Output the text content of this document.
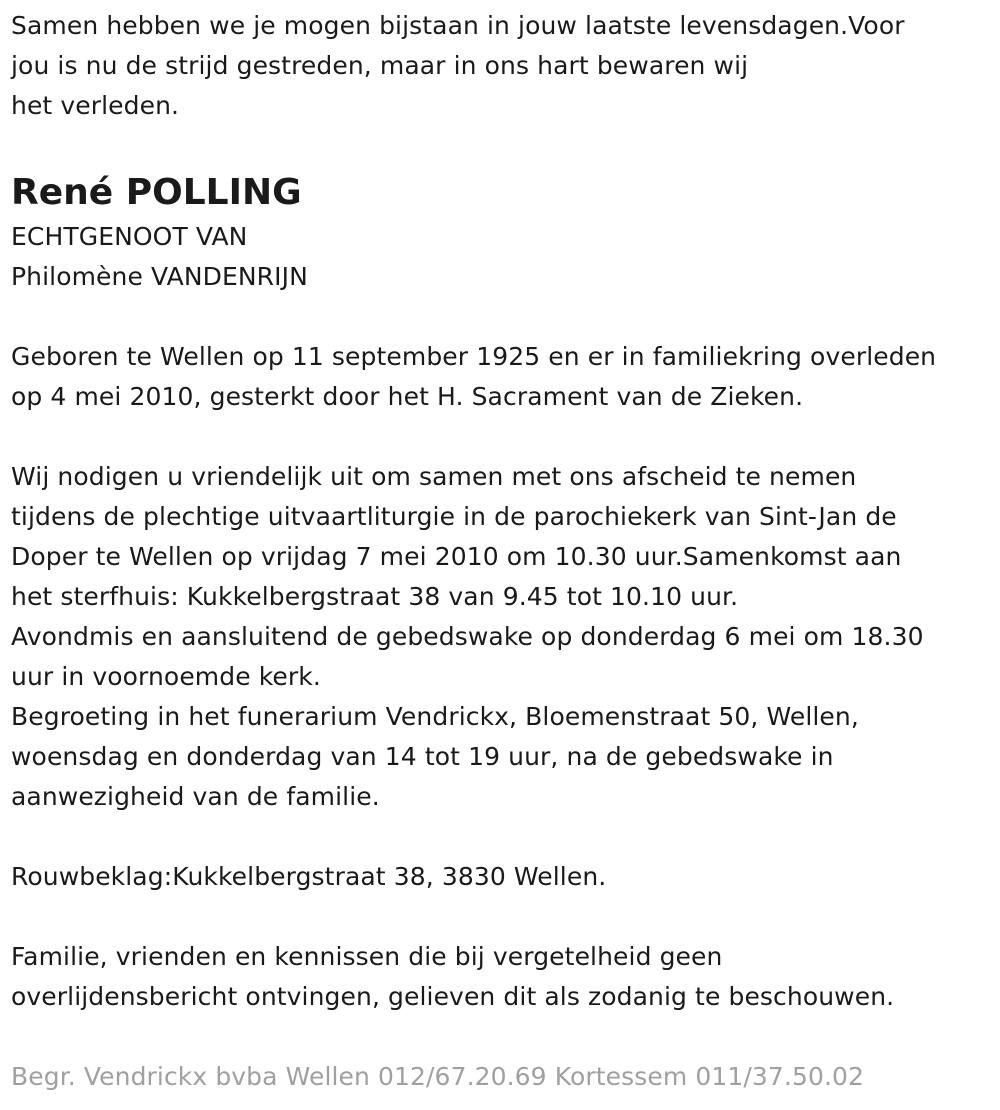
Samen hebben we je mogen bijstaan in jouw laatste levensdagen.Voor
jou is nu de strijd gestreden, maar in ons hart bewaren wij
het verleden.
René POLLING
ECHTGENOOT VAN
Philomène VANDENRIJN
Geboren te Wellen op 11 september 1925 en er in familiekring overleden
op 4 mei 2010, gesterkt door het H. Sacrament van de Zieken.
Wij nodigen u vriendelijk uit om samen met ons afscheid te nemen
tijdens de plechtige uitvaartliturgie in de parochiekerk van Sint-Jan de
Doper te Wellen op vrijdag 7 mei 2010 om 10.30 uur.Samenkomst aan
het sterfhuis: Kukkelbergstraat 38 van 9.45 tot 10.10 uur.
Avondmis en aansluitend de gebedswake op donderdag 6 mei om 18.30
uur in voornoemde kerk.
Begroeting in het funerarium Vendrickx, Bloemenstraat 50, Wellen,
woensdag en donderdag van 14 tot 19 uur, na de gebedswake in
aanwezigheid van de familie.
Rouwbeklag:Kukkelbergstraat 38, 3830 Wellen.
Familie, vrienden en kennissen die bij vergetelheid geen
overlijdensbericht ontvingen, gelieven dit als zodanig te beschouwen.
Begr. Vendrickx bvba Wellen 012/67.20.69 Kortessem 011/37.50.02
